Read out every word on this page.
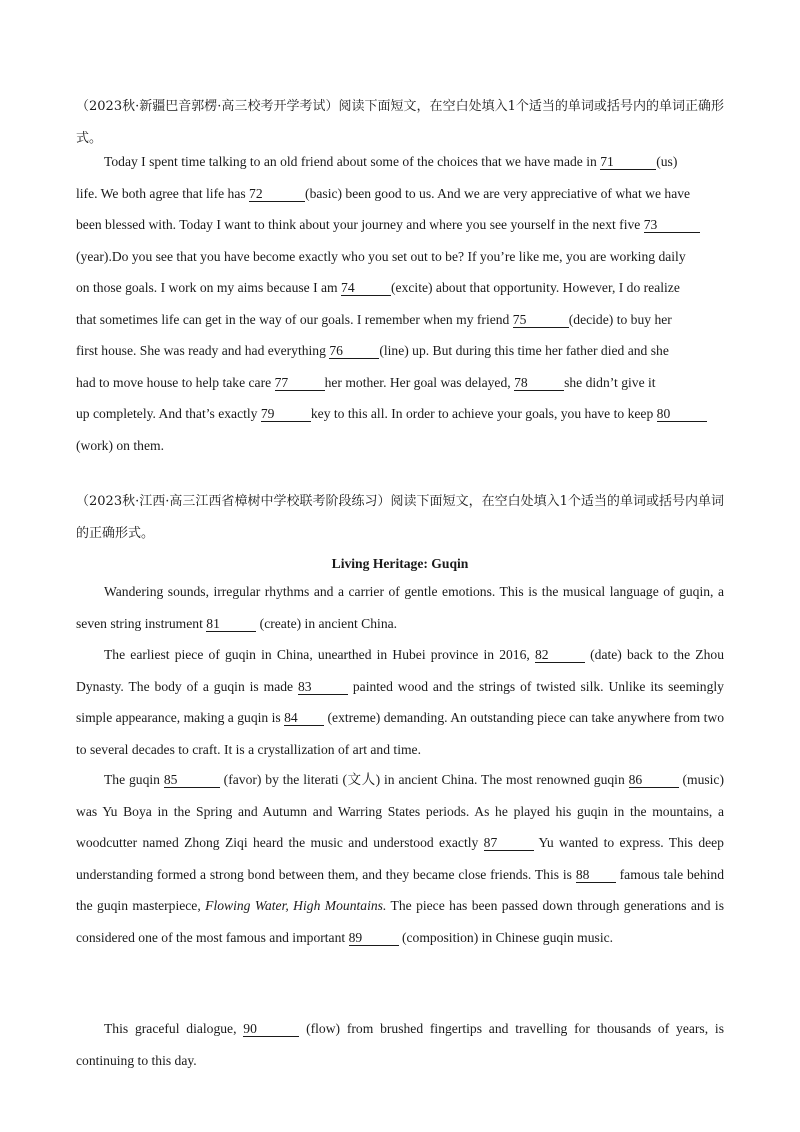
（2023秋·新疆巴音郭楞·高三校考开学考试）阅读下面短文，在空白处填入1个适当的单词或括号内的单词正确形式。

Today I spent time talking to an old friend about some of the choices that we have made in 71	(us)
life. We both agree that life has 72	(basic) been good to us. And we are very appreciative of what we have
been blessed with. Today I want to think about your journey and where you see yourself in the next five 73
(year).Do you see that you have become exactly who you set out to be? If you’re like me, you are working daily
on those goals. I work on my aims because I am 74	(excite) about that opportunity. However, I do realize
that sometimes life can get in the way of our goals. I remember when my friend 75	(decide) to buy her
first house. She was ready and had everything 76	(line) up. But during this time her father died and she
had to move house to help take care 77	her mother. Her goal was delayed, 78	she didn’t give it
up completely. And that’s exactly 79	key to this all. In order to achieve your goals, you have to keep 80
(work) on them.

（2023秋·江西·高三江西省樟树中学校联考阶段练习）阅读下面短文，在空白处填入1个适当的单词或括号内单词的正确形式。

Living Heritage: Guqin

Wandering sounds, irregular rhythms and a carrier of gentle emotions. This is the musical language of guqin, a seven string instrument 81	(create) in ancient China.

The earliest piece of guqin in China, unearthed in Hubei province in 2016, 82	(date) back to the Zhou Dynasty. The body of a guqin is made 83	painted wood and the strings of twisted silk. Unlike its seemingly simple appearance, making a guqin is 84 (extreme) demanding. An outstanding piece can take anywhere from two to several decades to craft. It is a crystallization of art and time.

The guqin 85	(favor) by the literati (文人) in ancient China. The most renowned guqin 86	(music) was Yu Boya in the Spring and Autumn and Warring States periods. As he played his guqin in the mountains, a woodcutter named Zhong Ziqi heard the music and understood exactly 87	Yu wanted to express. This deep understanding formed a strong bond between them, and they became close friends. This is 88 famous tale behind the guqin masterpiece, Flowing Water, High Mountains. The piece has been passed down through generations and is considered one of the most famous and important 89	(composition) in Chinese guqin music.

This graceful dialogue, 90	(flow) from brushed fingertips and travelling for thousands of years, is continuing to this day.
